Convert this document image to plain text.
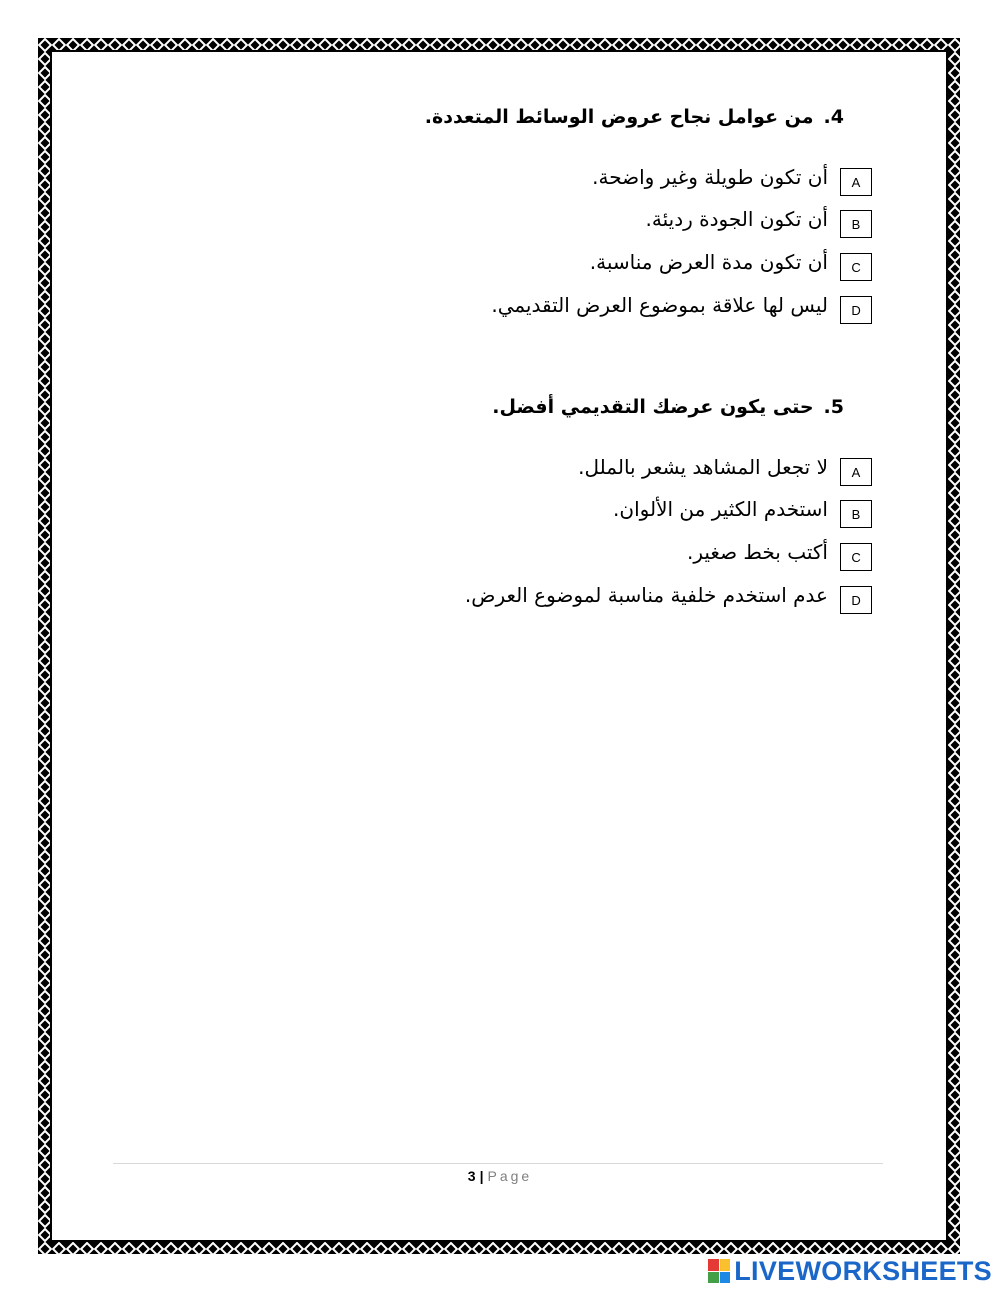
4.من عوامل نجاح عروض الوسائط المتعددة.
A
أن تكون طويلة وغير واضحة.
B
أن تكون الجودة رديئة.
C
أن تكون مدة العرض مناسبة.
D
ليس لها علاقة بموضوع العرض التقديمي.
5.حتى يكون عرضك التقديمي أفضل.
A
لا تجعل المشاهد يشعر بالملل.
B
استخدم الكثير من الألوان.
C
أكتب بخط صغير.
D
عدم استخدم خلفية مناسبة لموضوع العرض.
3 | Page
LIVEWORKSHEETS
